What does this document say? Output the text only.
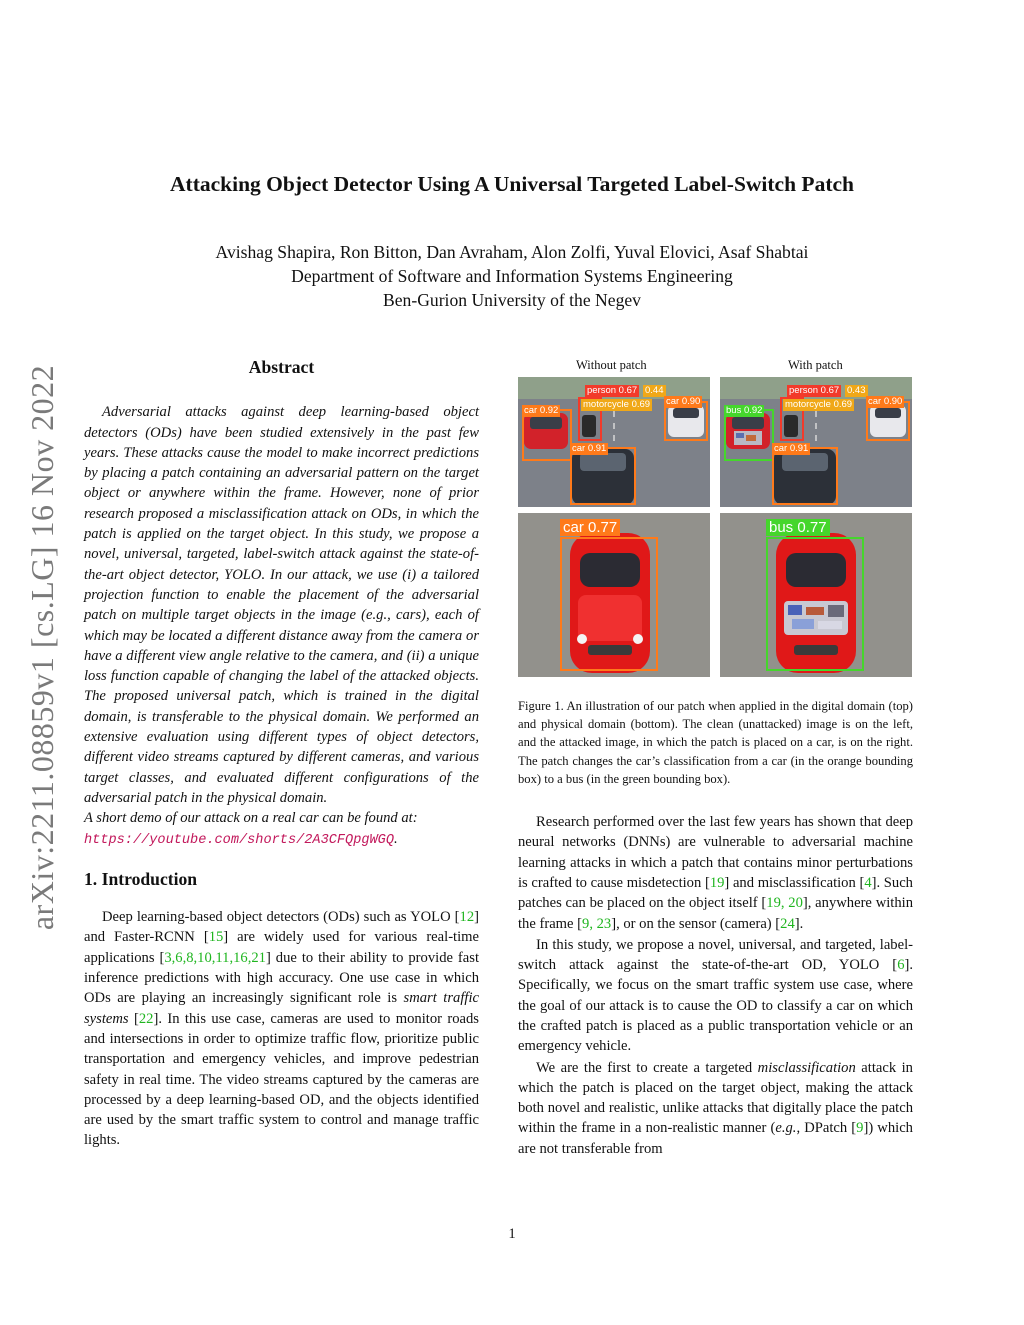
arXiv:2211.08859v1 [cs.LG] 16 Nov 2022
Attacking Object Detector Using A Universal Targeted Label-Switch Patch
Avishag Shapira, Ron Bitton, Dan Avraham, Alon Zolfi, Yuval Elovici, Asaf Shabtai
Department of Software and Information Systems Engineering
Ben-Gurion University of the Negev
Abstract

Adversarial attacks against deep learning-based object detectors (ODs) have been studied extensively in the past few years. These attacks cause the model to make incorrect predictions by placing a patch containing an adversarial pattern on the target object or anywhere within the frame. However, none of prior research proposed a misclassification attack on ODs, in which the patch is applied on the target object. In this study, we propose a novel, universal, targeted, label-switch attack against the state-of-the-art object detector, YOLO. In our attack, we use (i) a tailored projection function to enable the placement of the adversarial patch on multiple target objects in the image (e.g., cars), each of which may be located a different distance away from the camera or have a different view angle relative to the camera, and (ii) a unique loss function capable of changing the label of the attacked objects. The proposed universal patch, which is trained in the digital domain, is transferable to the physical domain. We performed an extensive evaluation using different types of object detectors, different video streams captured by different cameras, and various target classes, and evaluated different configurations of the adversarial patch in the physical domain.

A short demo of our attack on a real car can be found at:
https://youtube.com/shorts/2A3CFQpgWGQ.

1. Introduction

Deep learning-based object detectors (ODs) such as YOLO [12] and Faster-RCNN [15] are widely used for various real-time applications [3,6,8,10,11,16,21] due to their ability to provide fast inference predictions with high accuracy. One use case in which ODs are playing an increasingly significant role is smart traffic systems [22]. In this use case, cameras are used to monitor roads and intersections in order to optimize traffic flow, prioritize public transportation and emergency vehicles, and improve pedestrian safety in real time. The video streams captured by the cameras are processed by a deep learning-based OD, and the objects identified are used by the smart traffic system to control and manage traffic lights.

Without patch	With patch
car 0.92
person 0.67 0.44
motorcycle 0.69 car 0.90
car 0.91
bus 0.92
person 0.67 0.43
motorcycle 0.69 car 0.90
car 0.91
car 0.77	bus 0.77

Figure 1. An illustration of our patch when applied in the digital domain (top) and physical domain (bottom). The clean (unattacked) image is on the left, and the attacked image, in which the patch is placed on a car, is on the right. The patch changes the car’s classification from a car (in the orange bounding box) to a bus (in the green bounding box).

Research performed over the last few years has shown that deep neural networks (DNNs) are vulnerable to adversarial machine learning attacks in which a patch that contains minor perturbations is crafted to cause misdetection [19] and misclassification [4]. Such patches can be placed on the object itself [19, 20], anywhere within the frame [9, 23], or on the sensor (camera) [24].

In this study, we propose a novel, universal, and targeted, label-switch attack against the state-of-the-art OD, YOLO [6]. Specifically, we focus on the smart traffic system use case, where the goal of our attack is to cause the OD to classify a car on which the crafted patch is placed as a public transportation vehicle or an emergency vehicle.

We are the first to create a targeted misclassification attack in which the patch is placed on the target object, making the attack both novel and realistic, unlike attacks that digitally place the patch within the frame in a non-realistic manner (e.g., DPatch [9]) which are not transferable from

1
